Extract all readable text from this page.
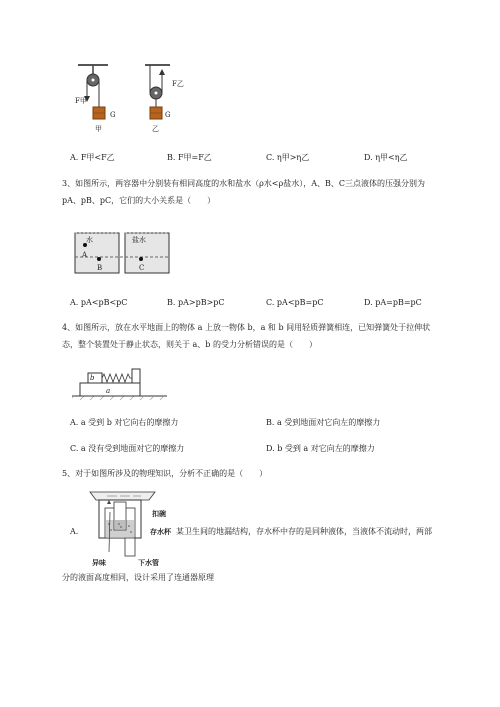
F甲
F乙
G	G
甲	乙
A. F甲<F乙	B. F甲=F乙	C. η甲>η乙	D. η甲<η乙
3、如图所示，两容器中分别装有相同高度的水和盐水（ρ水<ρ盐水），A、B、C三点液体的压强分别为
pA、pB、pC，它们的大小关系是（　　）
水	盐水
A
B	C
A. pA<pB<pC	B. pA>pB>pC	C. pA<pB=pC	D. pA=pB=pC
4、如图所示，放在水平地面上的物体 a 上放一物体 b，a 和 b 间用轻质弹簧相连，已知弹簧处于拉伸状
态，整个装置处于静止状态，则关于 a、b 的受力分析错误的是（　　）
b
a
A. a 受到 b 对它向右的摩擦力	B. a 受到地面对它向左的摩擦力
C. a 没有受到地面对它的摩擦力	D. b 受到 a 对它向左的摩擦力
5、对于如图所涉及的物理知识，分析不正确的是（　　）
扣碗
存水杯
异味	下水管
A.	某卫生间的地漏结构，存水杯中存的是同种液体，当液体不流动时，两部
分的液面高度相同，设计采用了连通器原理
